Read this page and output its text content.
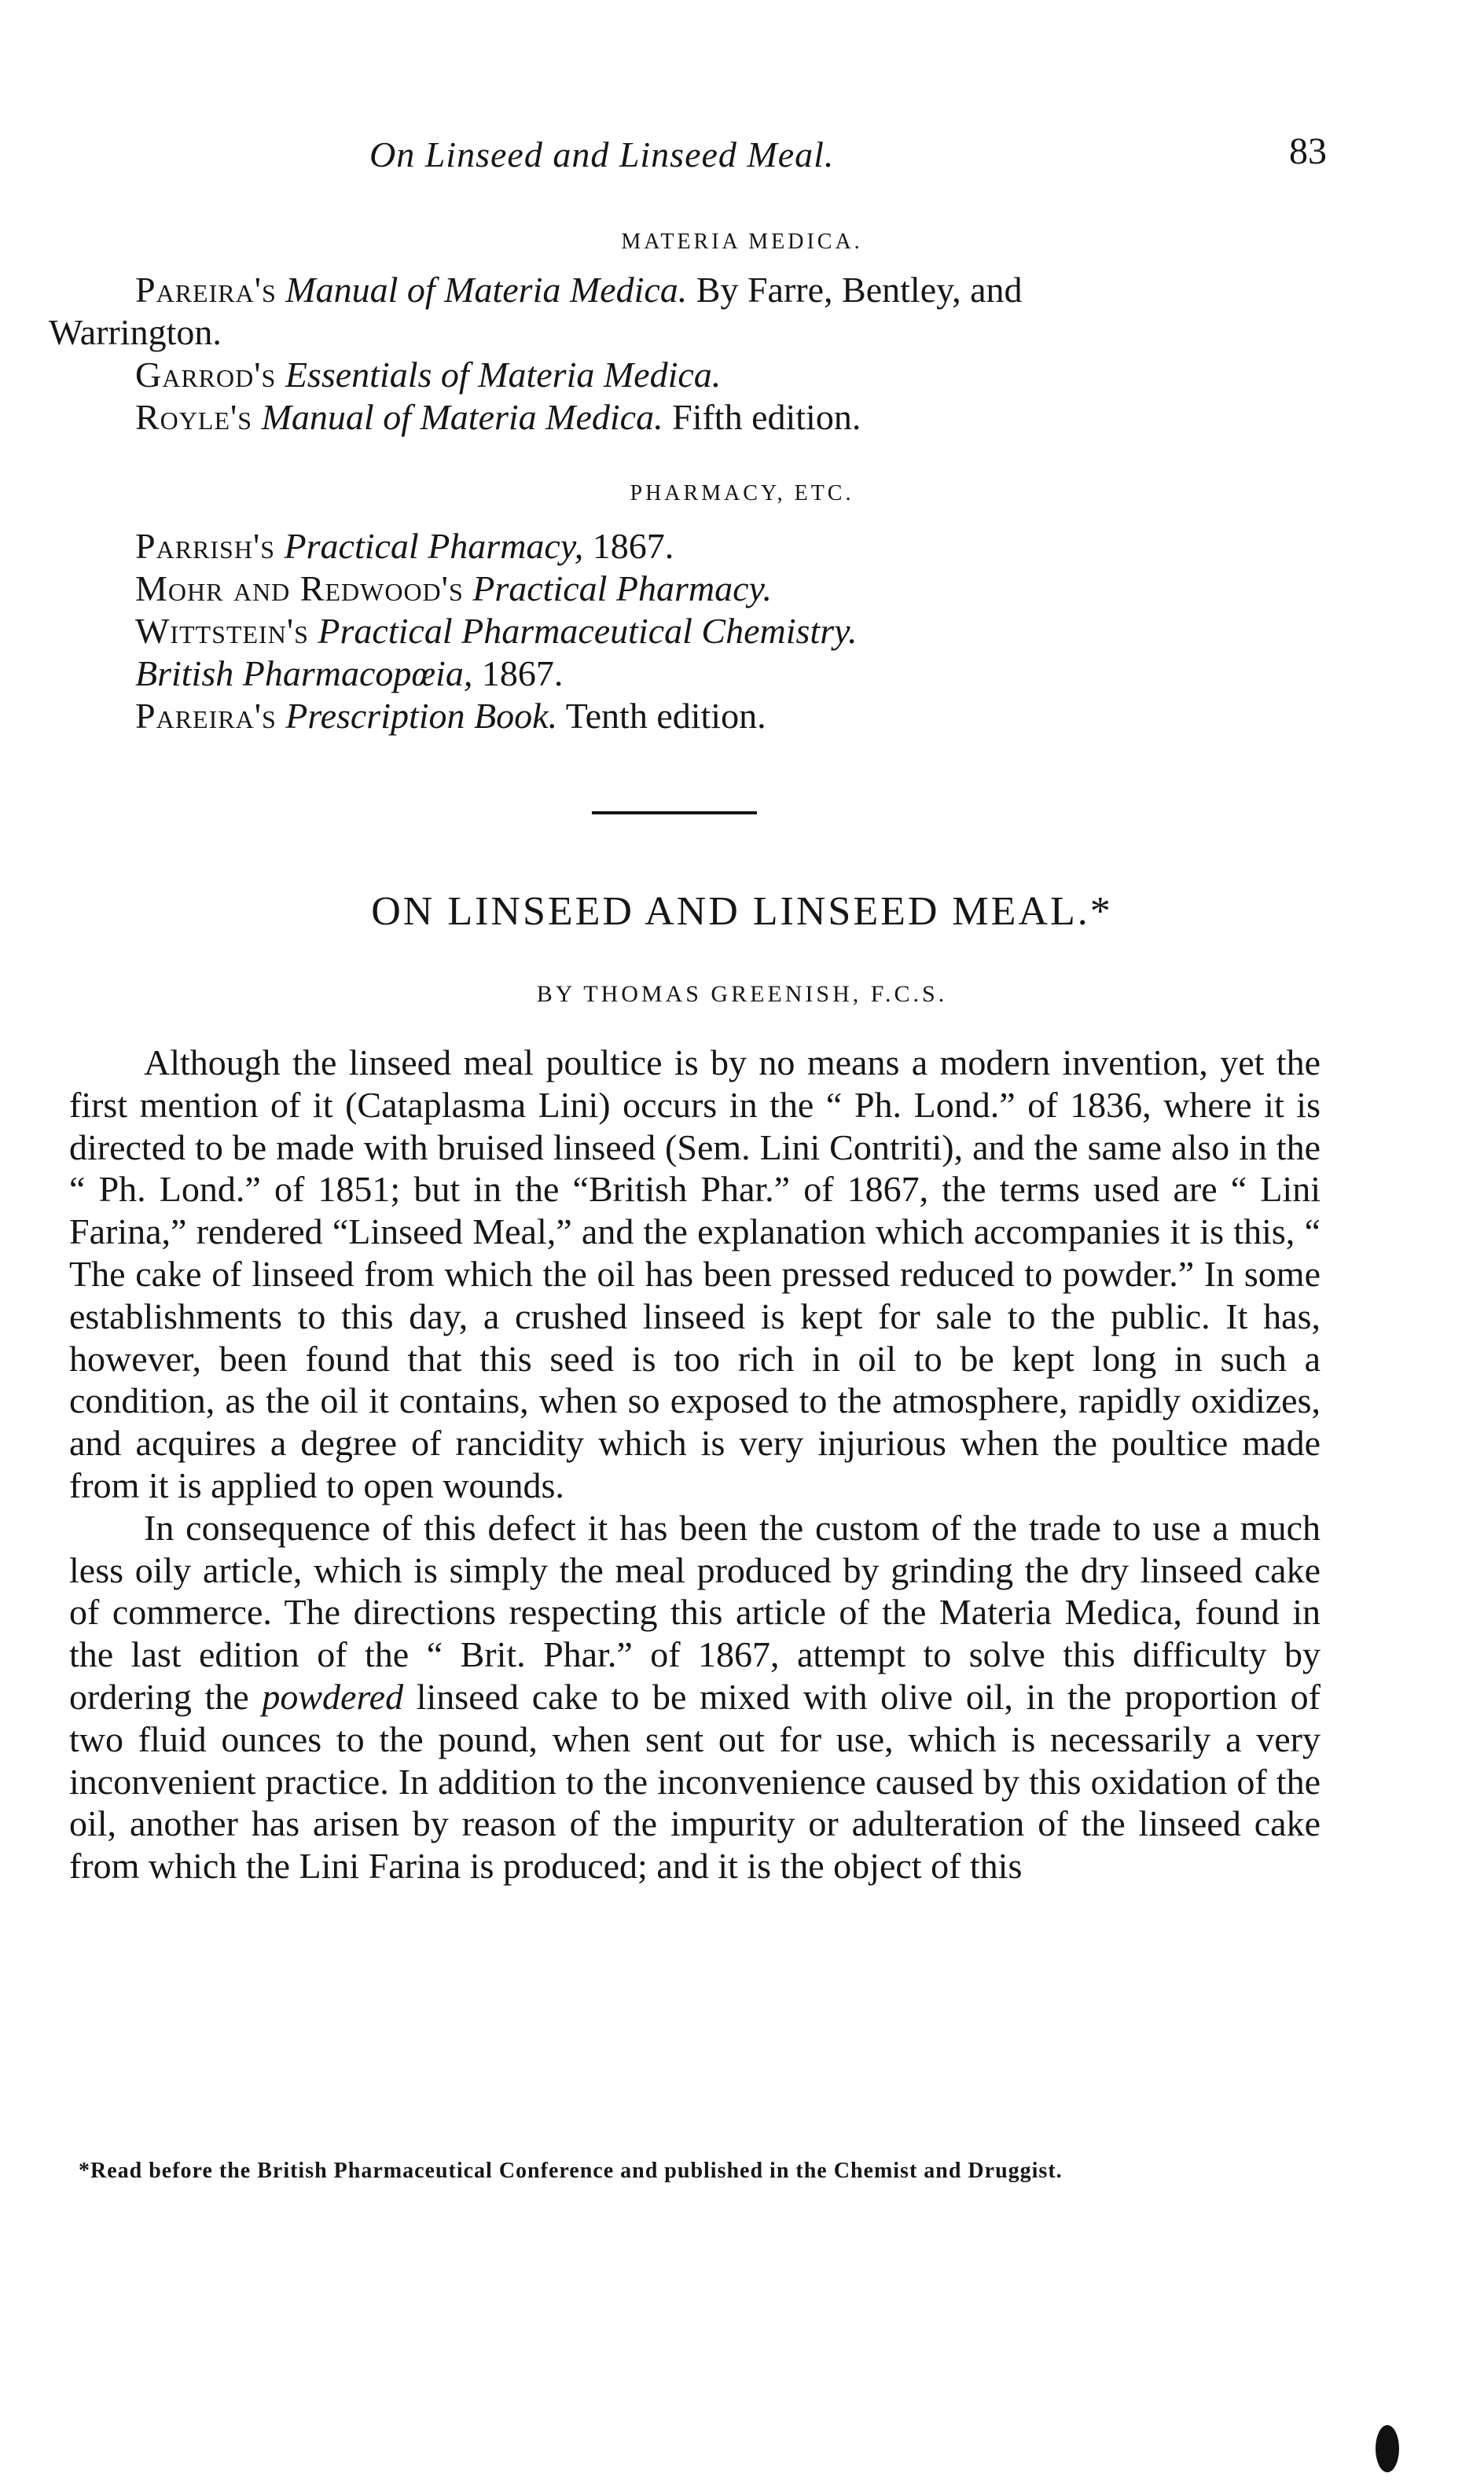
On Linseed and Linseed Meal.	83
MATERIA MEDICA.

Pareira's Manual of Materia Medica. By Farre, Bentley, and

Warrington.

Garrod's Essentials of Materia Medica.

Royle's Manual of Materia Medica. Fifth edition.

PHARMACY, ETC.

Parrish's Practical Pharmacy, 1867.

Mohr and Redwood's Practical Pharmacy.

Wittstein's Practical Pharmaceutical Chemistry.

British Pharmacopœia, 1867.

Pareira's Prescription Book. Tenth edition.

ON LINSEED AND LINSEED MEAL.*
BY THOMAS GREENISH, F.C.S.

Although the linseed meal poultice is by no means a modern invention, yet the first mention of it (Cataplasma Lini) occurs in the “ Ph. Lond.” of 1836, where it is directed to be made with bruised linseed (Sem. Lini Contriti), and the same also in the “ Ph. Lond.” of 1851; but in the “British Phar.” of 1867, the terms used are “ Lini Farina,” rendered “Linseed Meal,” and the explanation which accompanies it is this, “ The cake of linseed from which the oil has been pressed reduced to powder.” In some establishments to this day, a crushed linseed is kept for sale to the public. It has, however, been found that this seed is too rich in oil to be kept long in such a condition, as the oil it contains, when so exposed to the atmosphere, rapidly oxidizes, and acquires a degree of rancidity which is very injurious when the poultice made from it is applied to open wounds.

In consequence of this defect it has been the custom of the trade to use a much less oily article, which is simply the meal produced by grinding the dry linseed cake of commerce. The directions respecting this article of the Materia Medica, found in the last edition of the “ Brit. Phar.” of 1867, attempt to solve this difficulty by ordering the powdered linseed cake to be mixed with olive oil, in the proportion of two fluid ounces to the pound, when sent out for use, which is necessarily a very inconvenient practice. In addition to the inconvenience caused by this oxidation of the oil, another has arisen by reason of the impurity or adulteration of the linseed cake from which the Lini Farina is produced; and it is the object of this

*Read before the British Pharmaceutical Conference and published in the Chemist and Druggist.
